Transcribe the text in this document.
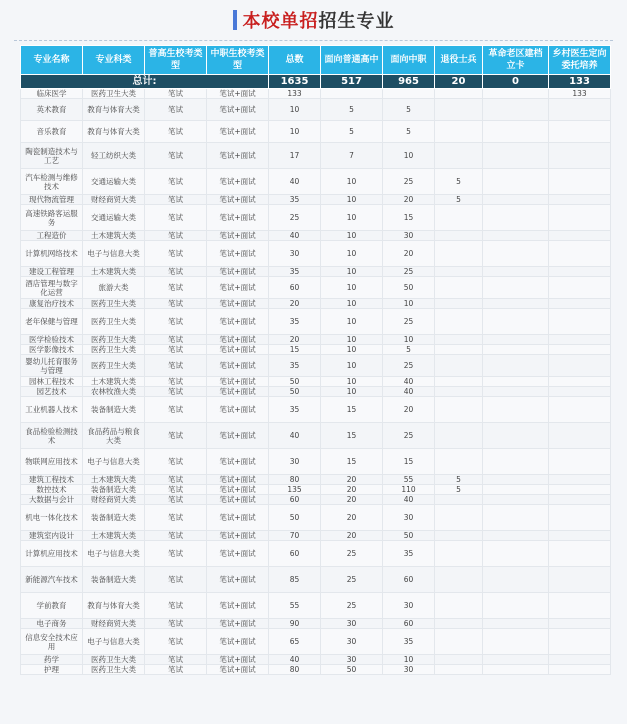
本校单招招生专业
专业名称	专业科类	普高生校考类型	中职生校考类型	总数	面向普通高中	面向中职	退役士兵	革命老区建档立卡	乡村医生定向委托培养
总计:				1635	517	965	20	0	133
临床医学	医药卫生大类	笔试	笔试+面试	133					133
英术教育	教育与体育大类	笔试	笔试+面试	10	5	5			
音乐教育	教育与体育大类	笔试	笔试+面试	10	5	5			
陶瓷制造技术与工艺	轻工纺织大类	笔试	笔试+面试	17	7	10			
汽车检测与维修技术	交通运输大类	笔试	笔试+面试	40	10	25	5		
现代物流管理	财经商贸大类	笔试	笔试+面试	35	10	20	5		
高速铁路客运服务	交通运输大类	笔试	笔试+面试	25	10	15			
工程造价	土木建筑大类	笔试	笔试+面试	40	10	30			
计算机网络技术	电子与信息大类	笔试	笔试+面试	30	10	20			
建设工程管理	土木建筑大类	笔试	笔试+面试	35	10	25			
酒店管理与数字化运营	旅游大类	笔试	笔试+面试	60	10	50			
康复治疗技术	医药卫生大类	笔试	笔试+面试	20	10	10			
老年保健与管理	医药卫生大类	笔试	笔试+面试	35	10	25			
医学检验技术	医药卫生大类	笔试	笔试+面试	20	10	10			
医学影像技术	医药卫生大类	笔试	笔试+面试	15	10	5			
婴幼儿托育服务与管理	医药卫生大类	笔试	笔试+面试	35	10	25			
园林工程技术	土木建筑大类	笔试	笔试+面试	50	10	40			
园艺技术	农林牧渔大类	笔试	笔试+面试	50	10	40			
工业机器人技术	装备制造大类	笔试	笔试+面试	35	15	20			
食品检验检测技术	食品药品与粮食大类	笔试	笔试+面试	40	15	25			
物联网应用技术	电子与信息大类	笔试	笔试+面试	30	15	15			
建筑工程技术	土木建筑大类	笔试	笔试+面试	80	20	55	5		
数控技术	装备制造大类	笔试	笔试+面试	135	20	110	5		
大数据与会计	财经商贸大类	笔试	笔试+面试	60	20	40			
机电一体化技术	装备制造大类	笔试	笔试+面试	50	20	30			
建筑室内设计	土木建筑大类	笔试	笔试+面试	70	20	50			
计算机应用技术	电子与信息大类	笔试	笔试+面试	60	25	35			
新能源汽车技术	装备制造大类	笔试	笔试+面试	85	25	60			
学前教育	教育与体育大类	笔试	笔试+面试	55	25	30			
电子商务	财经商贸大类	笔试	笔试+面试	90	30	60			
信息安全技术应用	电子与信息大类	笔试	笔试+面试	65	30	35			
药学	医药卫生大类	笔试	笔试+面试	40	30	10			
护理	医药卫生大类	笔试	笔试+面试	80	50	30			
